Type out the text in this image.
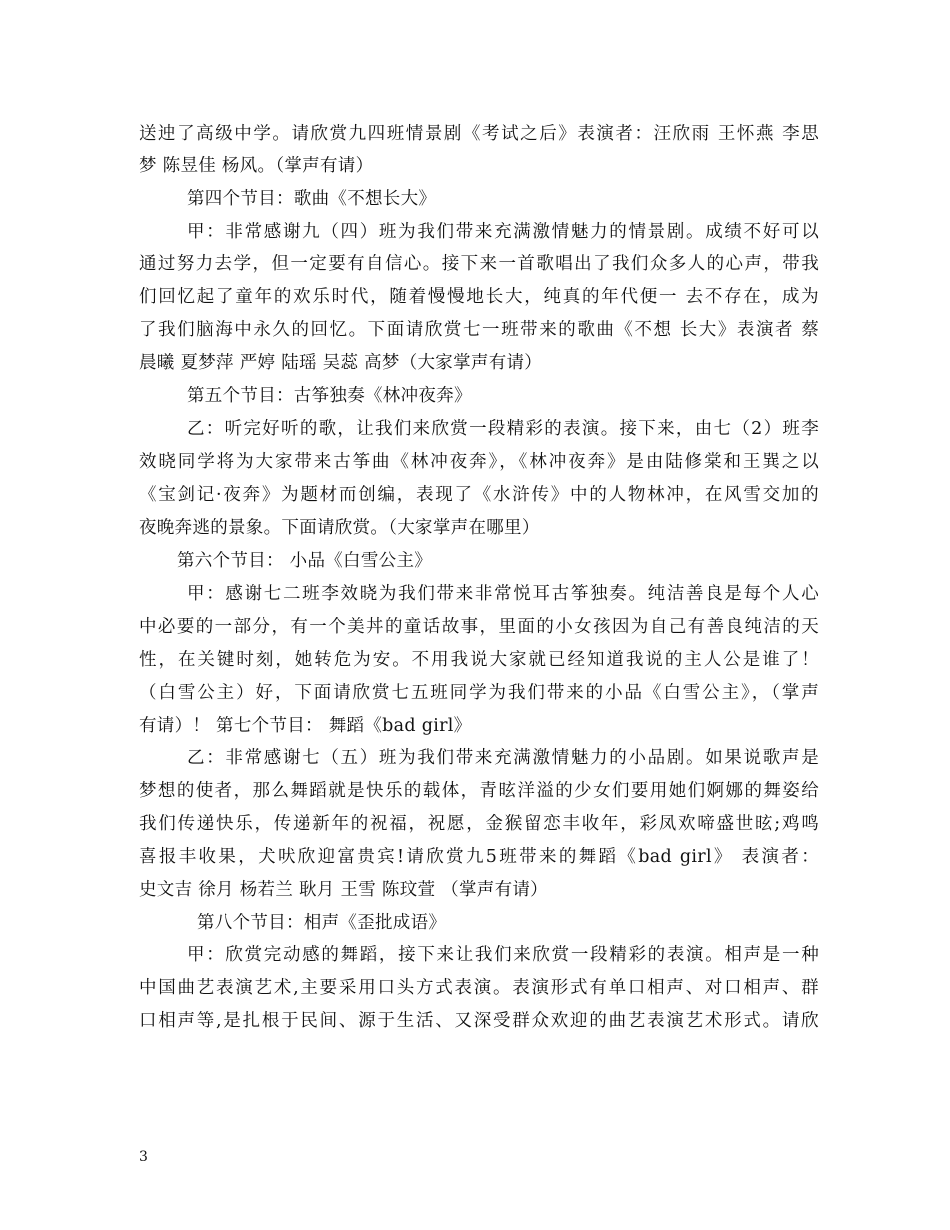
送迚了高级中学。请欣赏九四班情景剧《考试之后》表演者：汪欣雨 王怀燕 李思
梦 陈昱佳 杨风。（掌声有请）
第四个节目：歌曲《不想长大》
甲：非常感谢九（四）班为我们带来充满激情魅力的情景剧。成绩不好可以
通过努力去学，但一定要有自信心。接下来一首歌唱出了我们众多人的心声，带我
们回忆起了童年的欢乐时代，随着慢慢地长大，纯真的年代便一 去不存在，成为
了我们脑海中永久的回忆。下面请欣赏七一班带来的歌曲《不想 长大》表演者 蔡
晨曦 夏梦萍 严婷 陆瑶 吴蕊 高梦（大家掌声有请）
第五个节目：古筝独奏《林冲夜奔》
乙：听完好听的歌，让我们来欣赏一段精彩的表演。接下来，由七（2）班李
效晓同学将为大家带来古筝曲《林冲夜奔》，《林冲夜奔》是由陆修棠和王巽之以
《宝剑记·夜奔》为题材而创编，表现了《水浒传》中的人物林冲，在风雪交加的
夜晚奔逃的景象。下面请欣赏。（大家掌声在哪里）
第六个节目： 小品《白雪公主》
甲：感谢七二班李效晓为我们带来非常悦耳古筝独奏。纯洁善良是每个人心
中必要的一部分，有一个美丼的童话故事，里面的小女孩因为自己有善良纯洁的天
性，在关键时刻，她转危为安。不用我说大家就已经知道我说的主人公是谁了！
（白雪公主）好，下面请欣赏七五班同学为我们带来的小品《白雪公主》，（掌声
有请）！ 第七个节目： 舞蹈《bad girl》
乙：非常感谢七（五）班为我们带来充满激情魅力的小品剧。如果说歌声是
梦想的使者，那么舞蹈就是快乐的载体，青昡洋溢的少女们要用她们婀娜的舞姿给
我们传递快乐，传递新年的祝福，祝愿，金猴留恋丰收年，彩凤欢啼盛世昡;鸡鸣
喜报丰收果，犬吠欣迎富贵宾!请欣赏九5班带来的舞蹈《bad girl》 表演者：
史文吉 徐月 杨若兰 耿月 王雪 陈玟萱 （掌声有请）
第八个节目：相声《歪批成语》
甲：欣赏完动感的舞蹈，接下来让我们来欣赏一段精彩的表演。相声是一种
中国曲艺表演艺术,主要采用口头方式表演。表演形式有单口相声、对口相声、群
口相声等,是扎根于民间、源于生活、又深受群众欢迎的曲艺表演艺术形式。请欣
3
